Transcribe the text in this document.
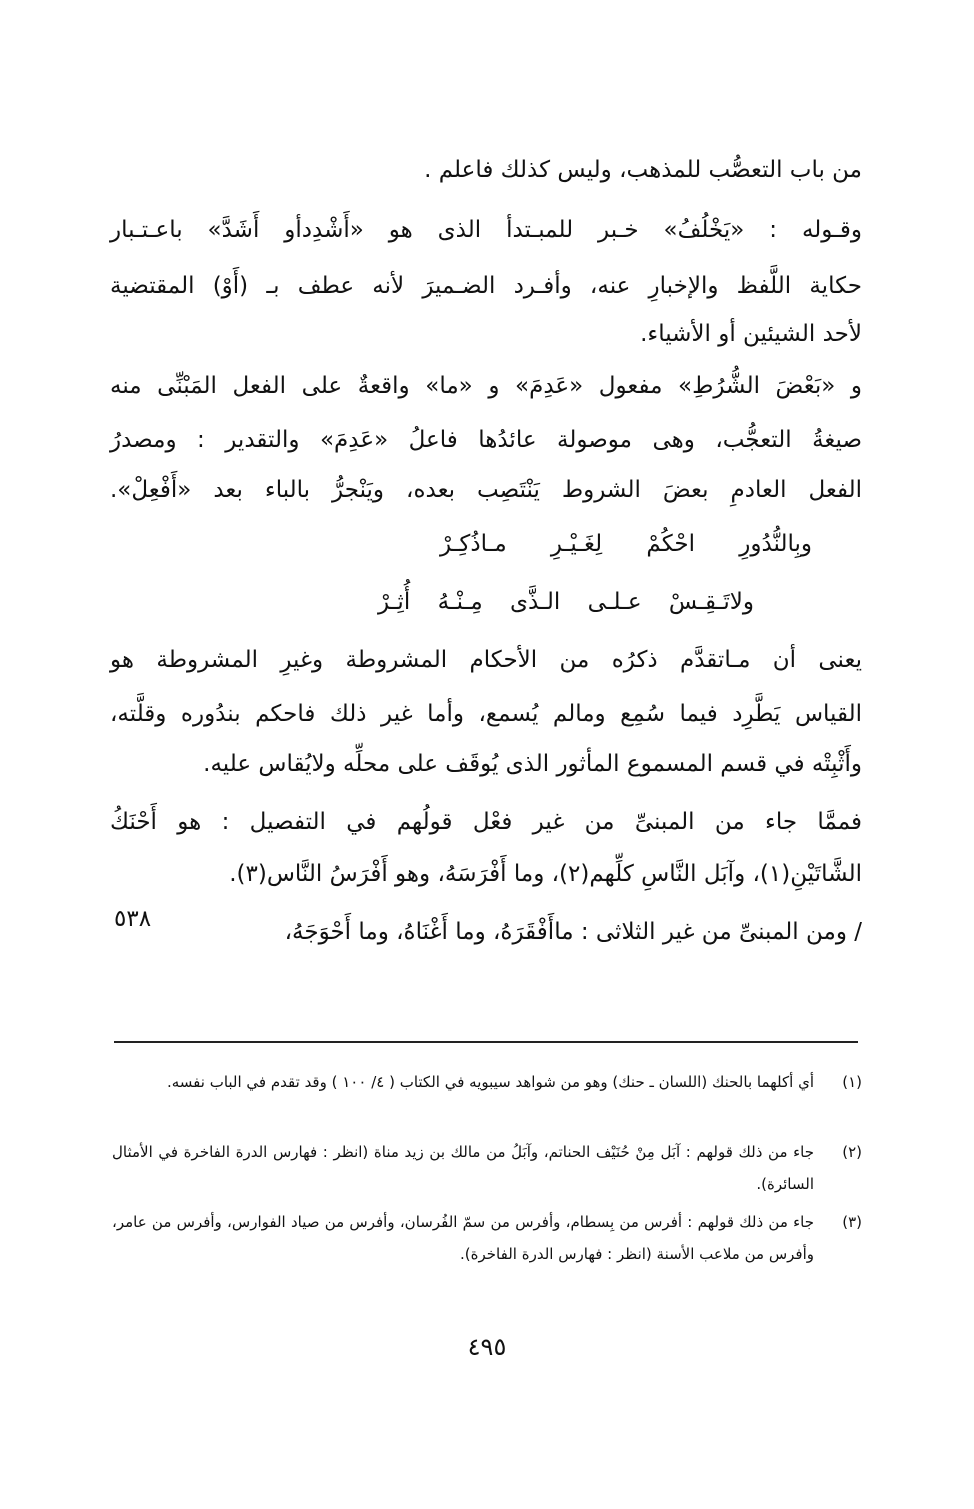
من باب التعصُّب للمذهب، وليس كذلك فاعلم .
وقـوله : «يَخْلُفُ» خـبر للمبـتدأ الذى هو «أَشْدِدأو أَشَدَّ» باعـتـبار
حكاية اللَّفظ والإخبارِ عنه، وأفـرد الضـميرَ لأنه عطف بـ (أَوْ) المقتضية
لأحد الشيئين أو الأشياء.
و «بَعْضَ الشُّرُطِ» مفعول «عَدِمَ» و «ما» واقعةٌ على الفعل المَبْنِّى منه
صيغةُ التعجُّب، وهى موصولة عائدُها فاعلُ «عَدِمَ» والتقدير : ومصدرُ
الفعل العادمِ بعضَ الشروط يَنْتَصِب بعده، ويَنْجرُّ بالباء بعد «أَفْعِلْ».
وبِالنُّدُورِ احْكُمْ لِغَـيْـرِ مـاذُكِـرْ
ولاتَـقِـسْ عـلـى الـذَّى مِـنْـهُ أُثِـرْ
يعنى أن مـاتقدَّم ذكرُه من الأحكام المشروطة وغيرِ المشروطة هو
القياس يَطَّرِد فيما سُمِع ومالم يُسمع، وأما غير ذلك فاحكم بندُوره وقلَّته،
وأَثْبِتْه في قسم المسموع المأثور الذى يُوقَف على محلِّه ولايُقاس عليه.
فممَّا جاء من المبنىِّ من غير فعْل قولُهم في التفصيل : هو أَحْنَكُ
الشَّاتَيْنِ(١)، وآبَل النَّاسِ كلِّهم(٢)، وما أَفْرَسَهُ، وهو أَفْرَسُ النَّاس(٣).
/ ومن المبنىِّ من غير الثلاثى : ماأَفْقَرَهُ، وما أَغْنَاهُ، وما أَحْوَجَهُ،
٥٣٨
(١)
أي أكلهما بالحنك (اللسان ـ حنك) وهو من شواهد سيبويه في الكتاب ( ٤/ ١٠٠ ) وقد تقدم في الباب نفسه.
(٢)
جاء من ذلك قولهم : آبَل مِنْ حُنَيْف الحناتم، وآبَلُ من مالك بن زيد مناة (انظر : فهارس الدرة الفاخرة في الأمثال السائرة).
(٣)
جاء من ذلك قولهم : أفرس من بِسطام، وأفرس من سمّ الفُرسان، وأفرس من صياد الفوارس، وأفرس من عامر، وأفرس من ملاعب الأسنة (انظر : فهارس الدرة الفاخرة).
٤٩٥
